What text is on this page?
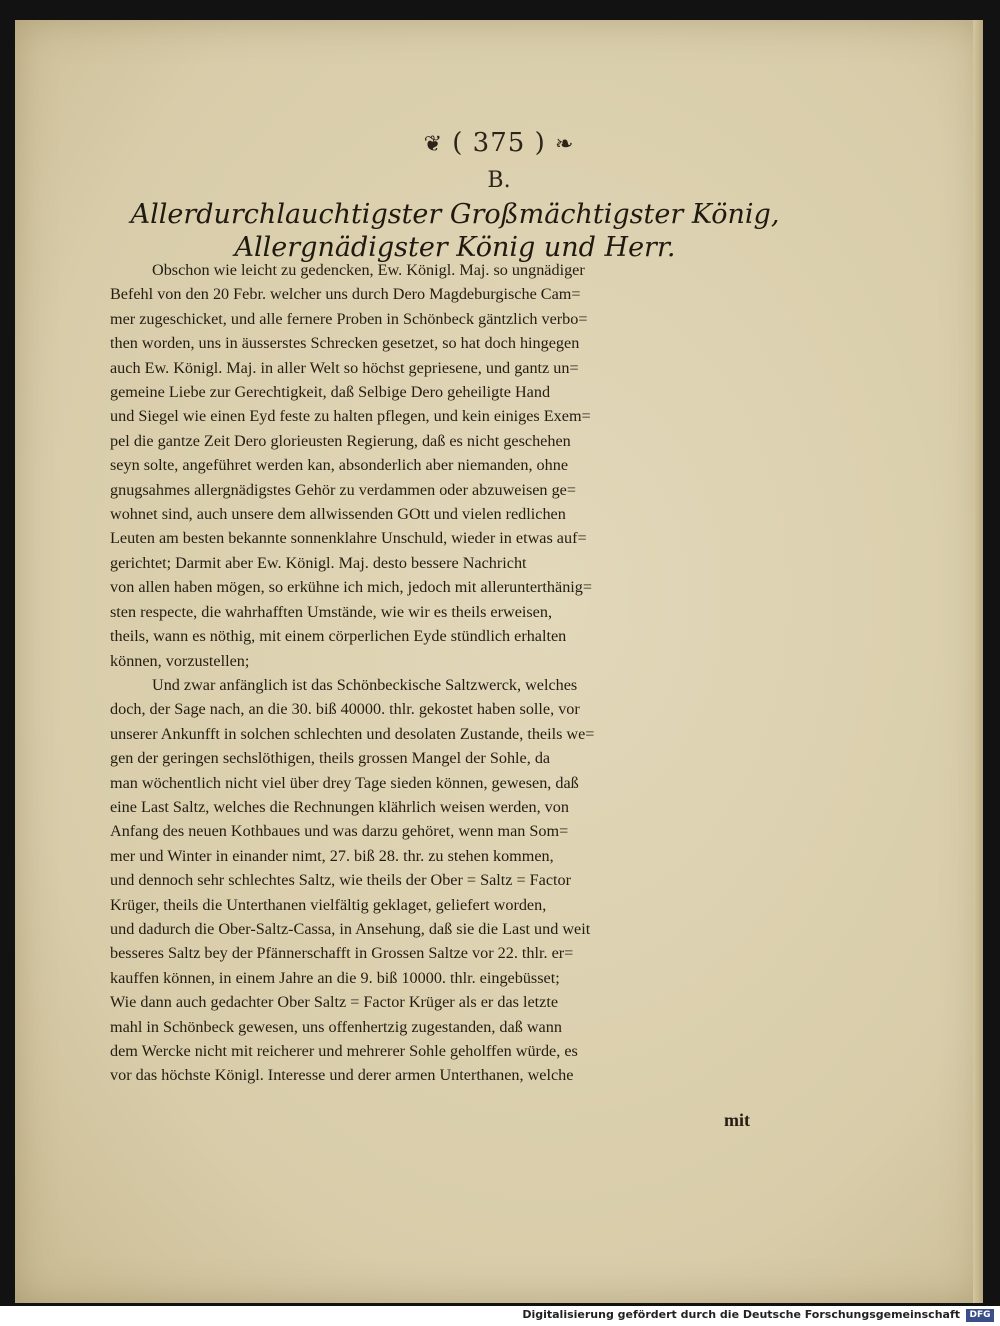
❦ ( 375 ) ❧
B.
Allerdurchlauchtigster Großmächtigster König,
Allergnädigster König und Herr.
Obschon wie leicht zu gedencken, Ew. Königl. Maj. so ungnädiger
Befehl von den 20 Febr. welcher uns durch Dero Magdeburgische Cam=
mer zugeschicket, und alle fernere Proben in Schönbeck gäntzlich verbo=
then worden, uns in äusserstes Schrecken gesetzet, so hat doch hingegen
auch Ew. Königl. Maj. in aller Welt so höchst gepriesene, und gantz un=
gemeine Liebe zur Gerechtigkeit, daß Selbige Dero geheiligte Hand
und Siegel wie einen Eyd feste zu halten pflegen, und kein einiges Exem=
pel die gantze Zeit Dero glorieusten Regierung, daß es nicht geschehen
seyn solte, angeführet werden kan, absonderlich aber niemanden, ohne
gnugsahmes allergnädigstes Gehör zu verdammen oder abzuweisen ge=
wohnet sind, auch unsere dem allwissenden GOtt und vielen redlichen
Leuten am besten bekannte sonnenklahre Unschuld, wieder in etwas auf=
gerichtet; Darmit aber Ew. Königl. Maj. desto bessere Nachricht
von allen haben mögen, so erkühne ich mich, jedoch mit allerunterthänig=
sten respecte, die wahrhafften Umstände, wie wir es theils erweisen,
theils, wann es nöthig, mit einem cörperlichen Eyde stündlich erhalten
können, vorzustellen;
Und zwar anfänglich ist das Schönbeckische Saltzwerck, welches
doch, der Sage nach, an die 30. biß 40000. thlr. gekostet haben solle, vor
unserer Ankunfft in solchen schlechten und desolaten Zustande, theils we=
gen der geringen sechslöthigen, theils grossen Mangel der Sohle, da
man wöchentlich nicht viel über drey Tage sieden können, gewesen, daß
eine Last Saltz, welches die Rechnungen klährlich weisen werden, von
Anfang des neuen Kothbaues und was darzu gehöret, wenn man Som=
mer und Winter in einander nimt, 27. biß 28. thr. zu stehen kommen,
und dennoch sehr schlechtes Saltz, wie theils der Ober = Saltz = Factor
Krüger, theils die Unterthanen vielfältig geklaget, geliefert worden,
und dadurch die Ober-Saltz-Cassa, in Ansehung, daß sie die Last und weit
besseres Saltz bey der Pfännerschafft in Grossen Saltze vor 22. thlr. er=
kauffen können, in einem Jahre an die 9. biß 10000. thlr. eingebüsset;
Wie dann auch gedachter Ober Saltz = Factor Krüger als er das letzte
mahl in Schönbeck gewesen, uns offenhertzig zugestanden, daß wann
dem Wercke nicht mit reicherer und mehrerer Sohle geholffen würde, es
vor das höchste Königl. Interesse und derer armen Unterthanen, welche
mit
Digitalisierung gefördert durch die Deutsche Forschungsgemeinschaft	DFG
